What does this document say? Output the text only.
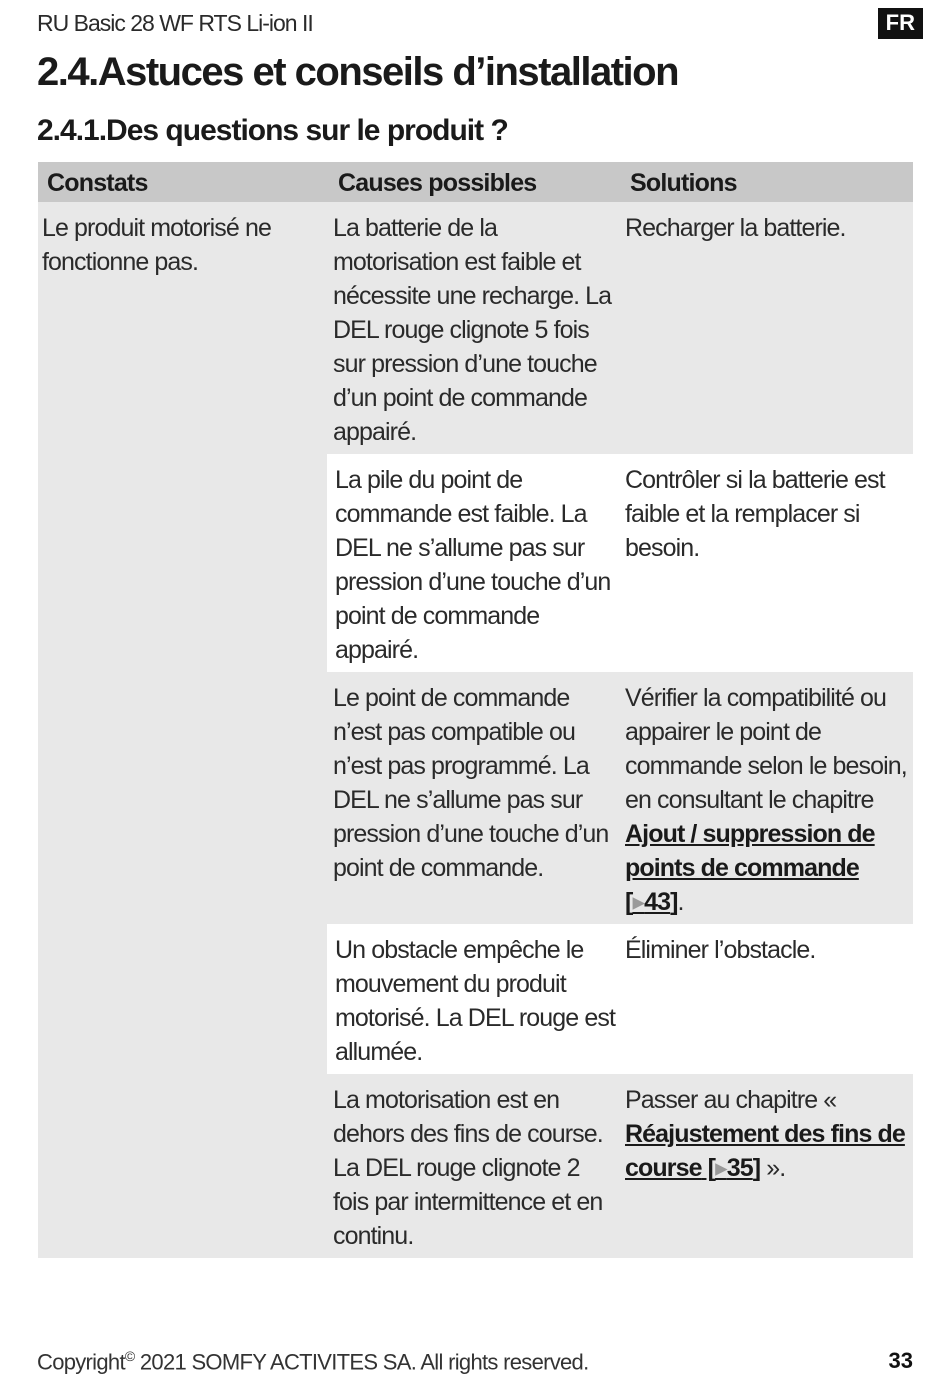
RU Basic 28 WF RTS Li-ion II	FR
2.4.Astuces et conseils d’installation
2.4.1.Des questions sur le produit ?
Constats	Causes possibles	Solutions
Le produit motorisé ne fonctionne pas.	La batterie de la motorisation est faible et nécessite une recharge. La DEL rouge clignote 5 fois sur pression d’une touche d’un point de commande appairé.	Recharger la batterie.
	La pile du point de commande est faible. La DEL ne s’allume pas sur pression d’une touche d’un point de commande appairé.	Contrôler si la batterie est faible et la remplacer si besoin.
	Le point de commande n’est pas compatible ou n’est pas programmé. La DEL ne s’allume pas sur pression d’une touche d’un point de commande.	Vérifier la compatibilité ou appairer le point de commande selon le besoin, en consultant le chapitre Ajout / suppression de points de commande [▸43].
	Un obstacle empêche le mouvement du produit motorisé. La DEL rouge est allumée.	Éliminer l’obstacle.
	La motorisation est en dehors des fins de course. La DEL rouge clignote 2 fois par intermittence et en continu.	Passer au chapitre « Réajustement des fins de course [▸35] ».
Copyright© 2021 SOMFY ACTIVITES SA. All rights reserved.	33
